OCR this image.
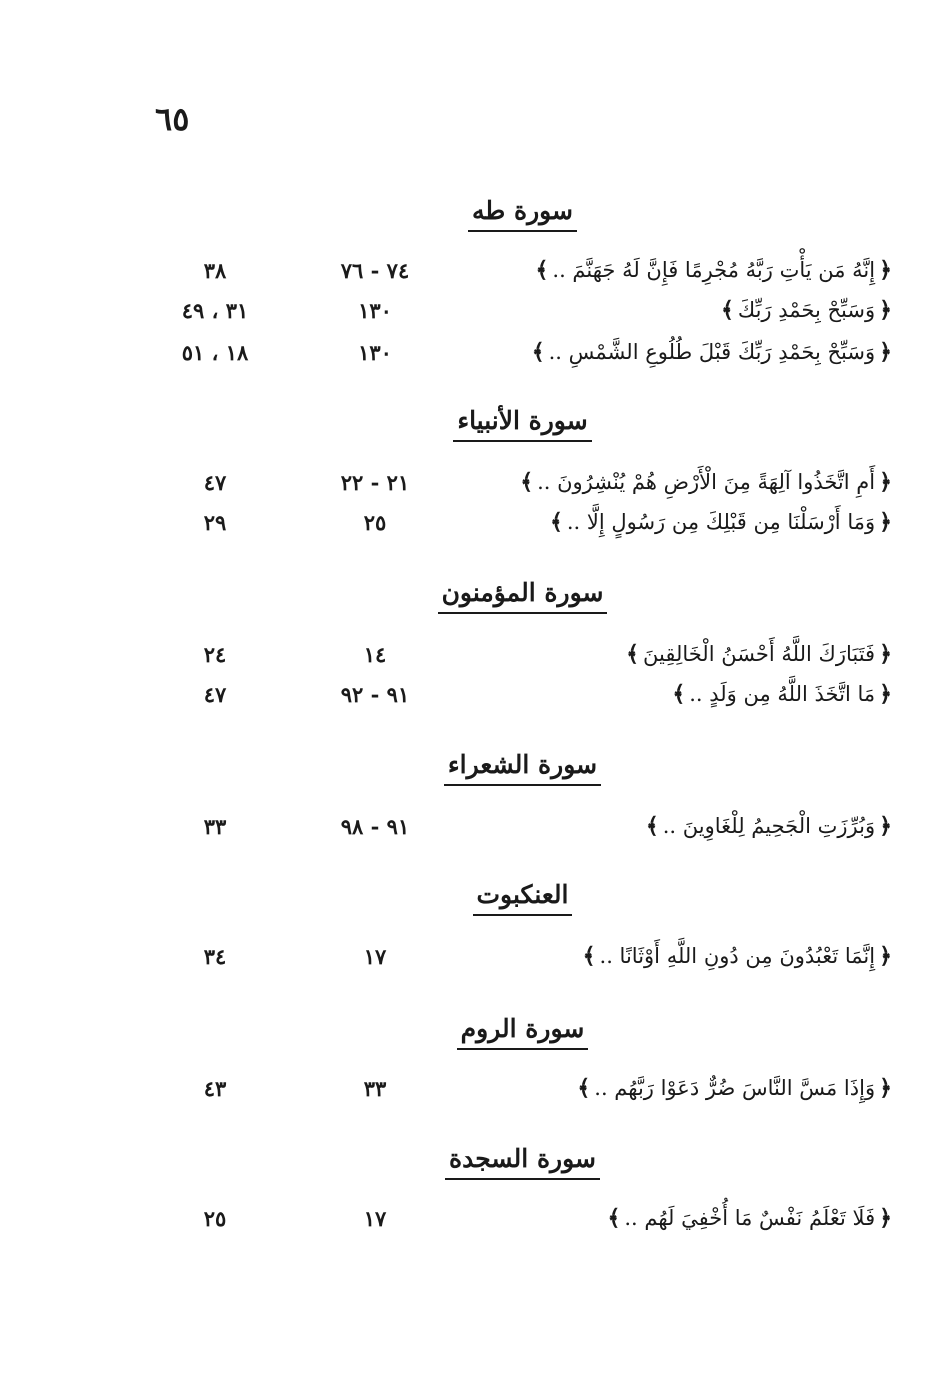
٦٥
سورة طه
﴿
إِنَّهُ مَن يَأْتِ رَبَّهُ مُجْرِمًا فَإِنَّ لَهُ جَهَنَّمَ ..
﴾
٧٤ - ٧٦
٣٨
﴿
وَسَبِّحْ بِحَمْدِ رَبِّكَ
﴾
١٣٠
٣١ ، ٤٩
﴿
وَسَبِّحْ بِحَمْدِ رَبِّكَ قَبْلَ طُلُوعِ الشَّمْسِ ..
﴾
١٣٠
١٨ ، ٥١
سورة الأنبياء
﴿
أَمِ اتَّخَذُوا آلِهَةً مِنَ الْأَرْضِ هُمْ يُنْشِرُونَ ..
﴾
٢١ - ٢٢
٤٧
﴿
وَمَا أَرْسَلْنَا مِن قَبْلِكَ مِن رَسُولٍ إِلَّا ..
﴾
٢٥
٢٩
سورة المؤمنون
﴿
فَتَبَارَكَ اللَّهُ أَحْسَنُ الْخَالِقِينَ
﴾
١٤
٢٤
﴿
مَا اتَّخَذَ اللَّهُ مِن وَلَدٍ ..
﴾
٩١ - ٩٢
٤٧
سورة الشعراء
﴿
وَبُرِّزَتِ الْجَحِيمُ لِلْغَاوِينَ ..
﴾
٩١ - ٩٨
٣٣
العنكبوت
﴿
إِنَّمَا تَعْبُدُونَ مِن دُونِ اللَّهِ أَوْثَانًا ..
﴾
١٧
٣٤
سورة الروم
﴿
وَإِذَا مَسَّ النَّاسَ ضُرٌّ دَعَوْا رَبَّهُم ..
﴾
٣٣
٤٣
سورة السجدة
﴿
فَلَا تَعْلَمُ نَفْسٌ مَا أُخْفِيَ لَهُم ..
﴾
١٧
٢٥
